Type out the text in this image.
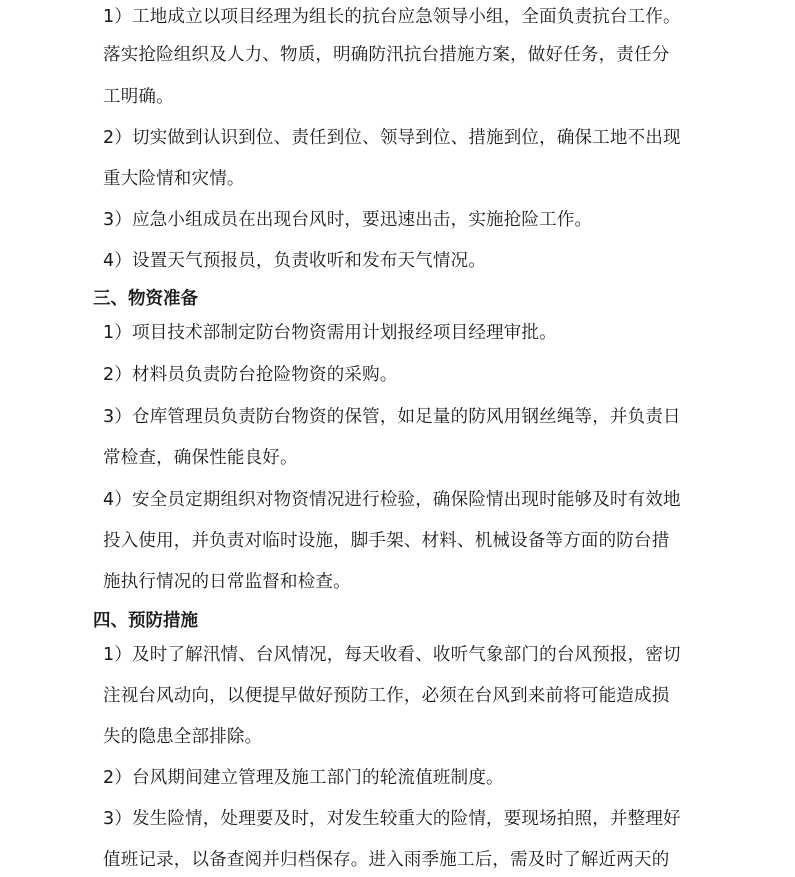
1）工地成立以项目经理为组长的抗台应急领导小组，全面负责抗台工作。
落实抢险组织及人力、物质，明确防汛抗台措施方案，做好任务，责任分
工明确。
2）切实做到认识到位、责任到位、领导到位、措施到位，确保工地不出现
重大险情和灾情。
3）应急小组成员在出现台风时，要迅速出击，实施抢险工作。
4）设置天气预报员，负责收听和发布天气情况。
三、物资准备
1）项目技术部制定防台物资需用计划报经项目经理审批。
2）材料员负责防台抢险物资的采购。
3）仓库管理员负责防台物资的保管，如足量的防风用钢丝绳等，并负责日
常检查，确保性能良好。
4）安全员定期组织对物资情况进行检验，确保险情出现时能够及时有效地
投入使用，并负责对临时设施，脚手架、材料、机械设备等方面的防台措
施执行情况的日常监督和检查。
四、预防措施
1）及时了解汛情、台风情况，每天收看、收听气象部门的台风预报，密切
注视台风动向，以便提早做好预防工作，必须在台风到来前将可能造成损
失的隐患全部排除。
2）台风期间建立管理及施工部门的轮流值班制度。
3）发生险情，处理要及时，对发生较重大的险情，要现场拍照，并整理好
值班记录，以备查阅并归档保存。进入雨季施工后，需及时了解近两天的
